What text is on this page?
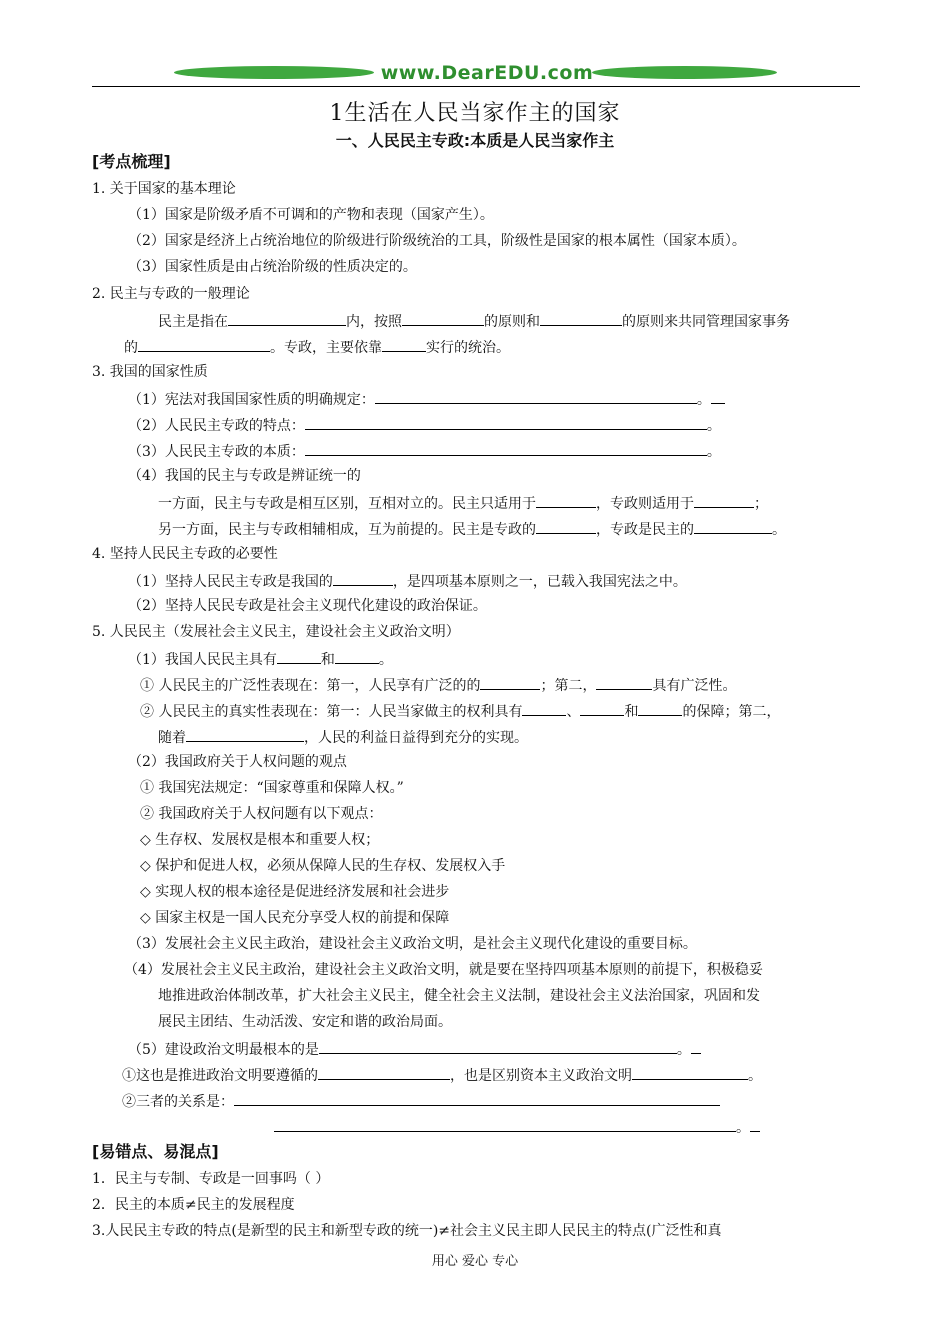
www.DearEDU.com
1生活在人民当家作主的国家
一、人民民主专政:本质是人民当家作主
[考点梳理]
1. 关于国家的基本理论
（1）国家是阶级矛盾不可调和的产物和表现（国家产生）。
（2）国家是经济上占统治地位的阶级进行阶级统治的工具，阶级性是国家的根本属性（国家本质）。
（3）国家性质是由占统治阶级的性质决定的。
2. 民主与专政的一般理论
民主是指在	内，按照	的原则和	的原则来共同管理国家事务
的	。专政，主要依靠	实行的统治。
3. 我国的国家性质
（1）宪法对我国国家性质的明确规定：	。
（2）人民民主专政的特点：	。
（3）人民民主专政的本质：	。
（4）我国的民主与专政是辨证统一的
一方面，民主与专政是相互区别，互相对立的。民主只适用于	，专政则适用于	；
另一方面，民主与专政相辅相成，互为前提的。民主是专政的	，专政是民主的	。
4. 坚持人民民主专政的必要性
（1）坚持人民民主专政是我国的	，是四项基本原则之一，已载入我国宪法之中。
（2）坚持人民民专政是社会主义现代化建设的政治保证。
5. 人民民主（发展社会主义民主，建设社会主义政治文明）
（1）我国人民民主具有	和	。
① 人民民主的广泛性表现在：第一，人民享有广泛的的	；第二，	具有广泛性。
② 人民民主的真实性表现在：第一：人民当家做主的权利具有	、	和	的保障；第二，
随着	，人民的利益日益得到充分的实现。
（2）我国政府关于人权问题的观点
① 我国宪法规定：“国家尊重和保障人权。”
② 我国政府关于人权问题有以下观点：
◇ 生存权、发展权是根本和重要人权；
◇ 保护和促进人权，必须从保障人民的生存权、发展权入手
◇ 实现人权的根本途径是促进经济发展和社会进步
◇ 国家主权是一国人民充分享受人权的前提和保障
（3）发展社会主义民主政治，建设社会主义政治文明，是社会主义现代化建设的重要目标。
（4）发展社会主义民主政治，建设社会主义政治文明，就是要在坚持四项基本原则的前提下，积极稳妥
地推进政治体制改革，扩大社会主义民主，健全社会主义法制，建设社会主义法治国家，巩固和发
展民主团结、生动活泼、安定和谐的政治局面。
（5）建设政治文明最根本的是	。
①这也是推进政治文明要遵循的	，也是区别资本主义政治文明	。
②三者的关系是：
。
[易错点、易混点]
1．民主与专制、专政是一回事吗（ ）
2．民主的本质≠民主的发展程度
3.人民民主专政的特点(是新型的民主和新型专政的统一)≠社会主义民主即人民民主的特点(广泛性和真
用心 爱心 专心
